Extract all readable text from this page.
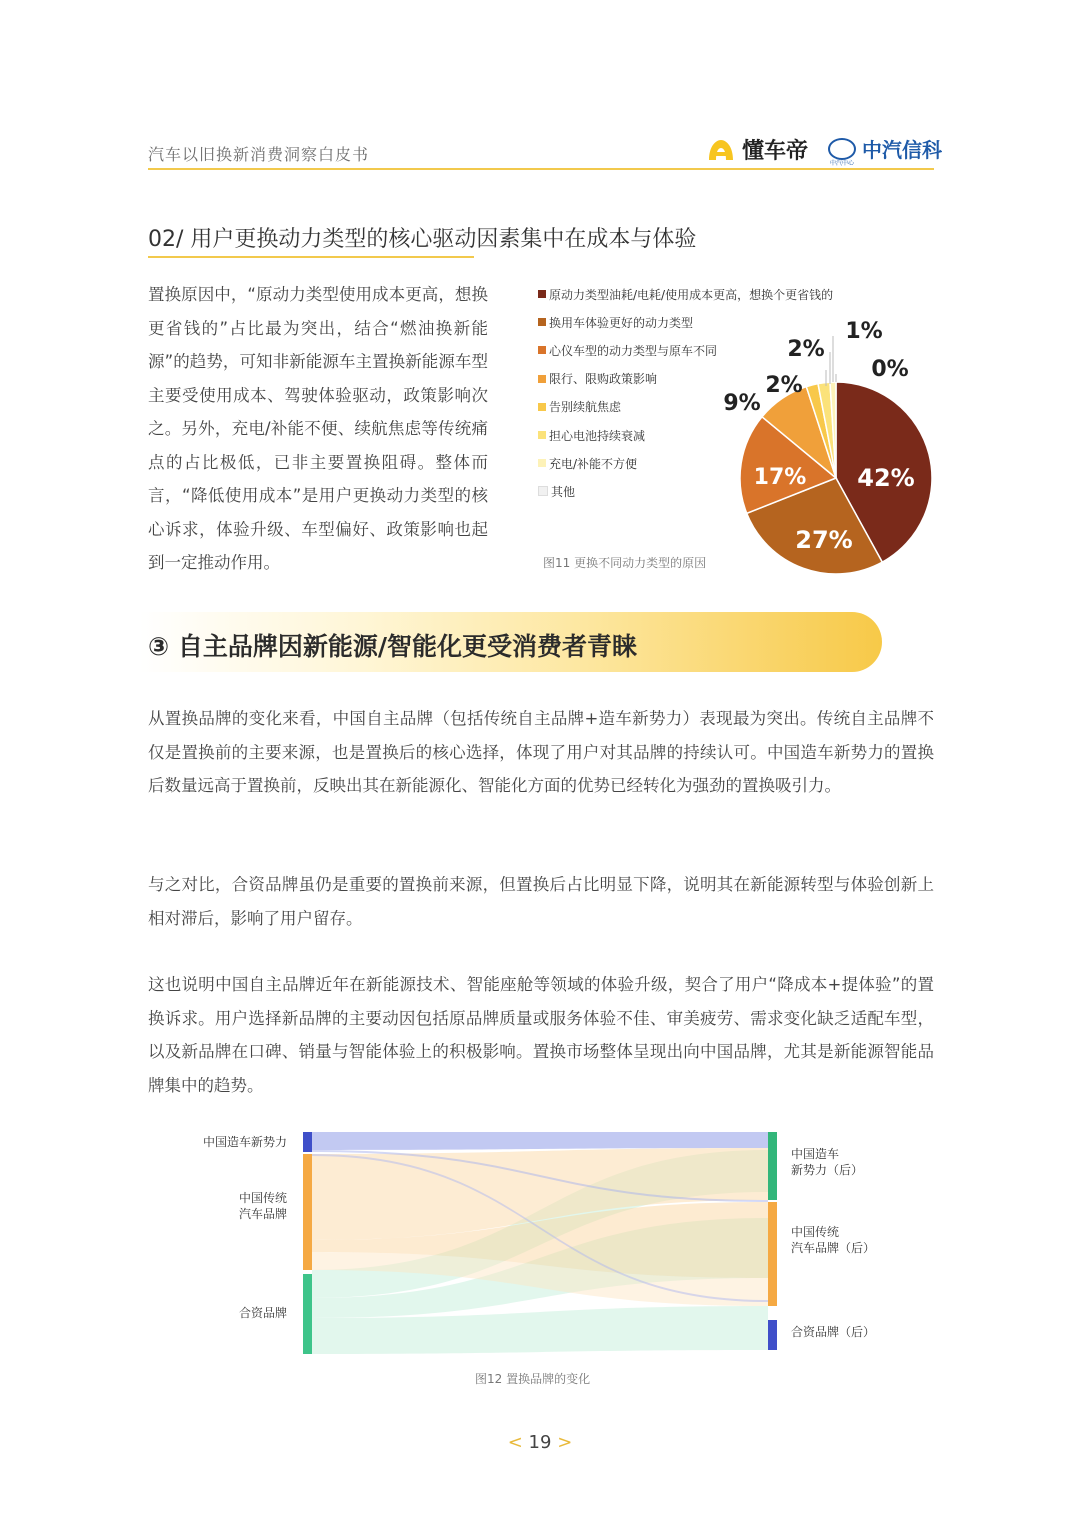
汽车以旧换新消费洞察白皮书	懂车帝	中汽中心
中汽信科
02/ 用户更换动力类型的核心驱动因素集中在成本与体验
置换原因中，“原动力类型使用成本更高，想换更省钱的”占比最为突出，结合“燃油换新能源”的趋势，可知非新能源车主置换新能源车型主要受使用成本、驾驶体验驱动，政策影响次之。另外，充电/补能不便、续航焦虑等传统痛点的占比极低，已非主要置换阻碍。整体而言，“降低使用成本”是用户更换动力类型的核心诉求，体验升级、车型偏好、政策影响也起到一定推动作用。
原动力类型油耗/电耗/使用成本更高，想换个更省钱的
换用车体验更好的动力类型
心仪车型的动力类型与原车不同
限行、限购政策影响
告别续航焦虑
担心电池持续衰减
充电/补能不方便
其他
图11 更换不同动力类型的原因
42%
27%
17%
9%
2%
2%
1%
0%
③ 自主品牌因新能源/智能化更受消费者青睐
从置换品牌的变化来看，中国自主品牌（包括传统自主品牌+造车新势力）表现最为突出。传统自主品牌不仅是置换前的主要来源，也是置换后的核心选择，体现了用户对其品牌的持续认可。中国造车新势力的置换后数量远高于置换前，反映出其在新能源化、智能化方面的优势已经转化为强劲的置换吸引力。
与之对比，合资品牌虽仍是重要的置换前来源，但置换后占比明显下降，说明其在新能源转型与体验创新上相对滞后，影响了用户留存。
这也说明中国自主品牌近年在新能源技术、智能座舱等领域的体验升级，契合了用户“降成本+提体验”的置换诉求。用户选择新品牌的主要动因包括原品牌质量或服务体验不佳、审美疲劳、需求变化缺乏适配车型，以及新品牌在口碑、销量与智能体验上的积极影响。置换市场整体呈现出向中国品牌，尤其是新能源智能品牌集中的趋势。
中国造车新势力
中国传统
汽车品牌
合资品牌
中国造车
新势力（后）
中国传统
汽车品牌（后）
合资品牌（后）
图12 置换品牌的变化
< 19 >
